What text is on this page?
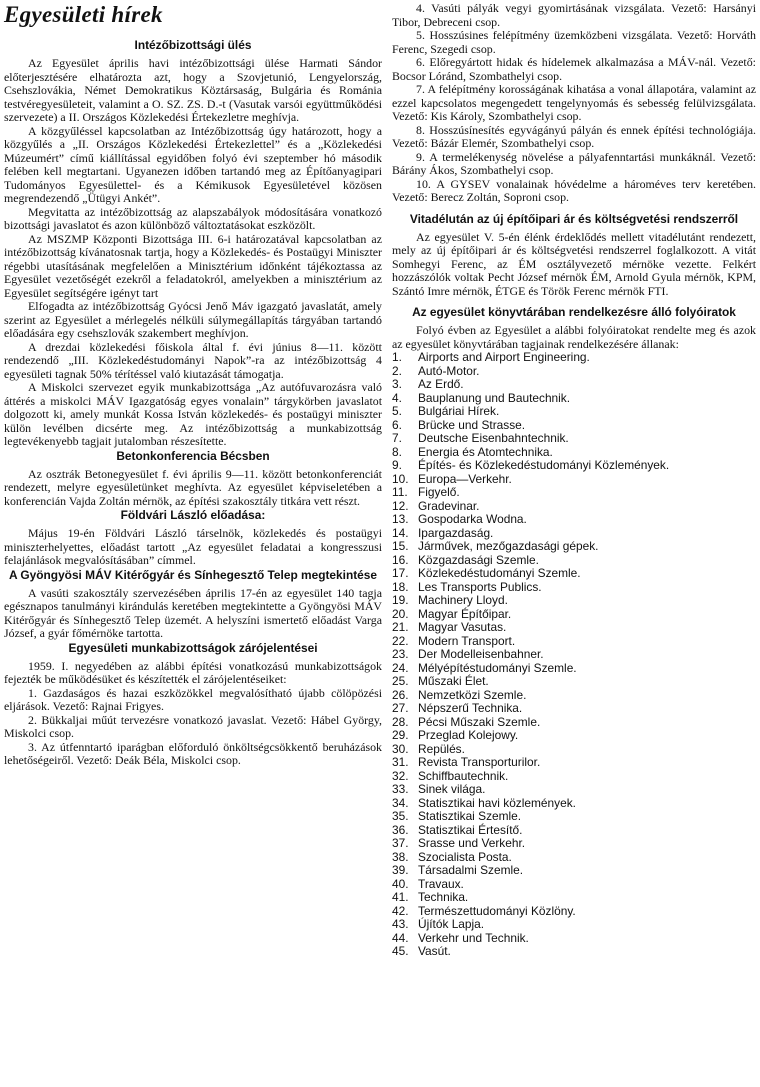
Egyesületi hírek
Intézőbizottsági ülés

Az Egyesület április havi intézőbizottsági ülése Harmati Sándor előterjesztésére elhatározta azt, hogy a Szovjetunió, Lengyelország, Csehszlovákia, Német Demokratikus Köztársaság, Bulgária és Románia testvéregyesületeit, valamint a O. SZ. ZS. D.-t (Vasutak varsói együttműködési szervezete) a II. Országos Közlekedési Értekezletre meghívja.

A közgyűléssel kapcsolatban az Intézőbizottság úgy határozott, hogy a közgyűlés a „II. Országos Közlekedési Értekezlettel” és a „Közlekedési Múzeumért” című kiállítással egyidőben folyó évi szeptember hó második felében kell megtartani. Ugyanezen időben tartandó meg az Építőanyagipari Tudományos Egyesülettel- és a Kémikusok Egyesületével közösen megrendezendő „Ütügyi Ankét”.

Megvitatta az intézőbizottság az alapszabályok módosítására vonatkozó bizottsági javaslatot és azon különböző változtatásokat eszközölt.

Az MSZMP Központi Bizottsága III. 6-i határozatával kapcsolatban az intézőbizottság kívánatosnak tartja, hogy a Közlekedés- és Postaügyi Miniszter régebbi utasításának megfelelően a Minisztérium időnként tájékoztassa az Egyesület vezetőségét ezekről a feladatokról, amelyekben a minisztérium az Egyesület segítségére igényt tart

Elfogadta az intézőbizottság Gyócsi Jenő Máv igazgató javaslatát, amely szerint az Egyesület a mérlegelés nélküli súlymegállapítás tárgyában tartandó előadására egy csehszlovák szakembert meghívjon.

A drezdai közlekedési főiskola által f. évi június 8—11. között rendezendő „III. Közlekedéstudományi Napok”-ra az intézőbizottság 4 egyesületi tagnak 50% térítéssel való kiutazását támogatja.

A Miskolci szervezet egyik munkabizottsága „Az autófuvarozásra való áttérés a miskolci MÁV Igazgatóság egyes vonalain” tárgykörben javaslatot dolgozott ki, amely munkát Kossa István közlekedés- és postaügyi miniszter külön levélben dicsérte meg. Az intézőbizottság a munkabizottság legtevékenyebb tagjait jutalomban részesítette.

Betonkonferencia Bécsben

Az osztrák Betonegyesület f. évi április 9—11. között betonkonferenciát rendezett, melyre egyesületünket meghívta. Az egyesület képviseletében a konferencián Vajda Zoltán mérnök, az építési szakosztály titkára vett részt.

Földvári László előadása:

Május 19-én Földvári László társelnök, közlekedés és postaügyi miniszterhelyettes, előadást tartott „Az egyesület feladatai a kongresszusi felajánlások megvalósításában” címmel.

A Gyöngyösi MÁV Kitérőgyár és Sínhegesztő Telep megtekintése

A vasúti szakosztály szervezésében április 17-én az egyesület 140 tagja egésznapos tanulmányi kirándulás keretében megtekintette a Gyöngyösi MÁV Kitérőgyár és Sínhegesztő Telep üzemét. A helyszíni ismertető előadást Varga József, a gyár főmérnöke tartotta.

Egyesületi munkabizottságok zárójelentései

1959. I. negyedében az alábbi építési vonatkozású munkabizottságok fejezték be működésüket és készítették el zárójelentéseiket:

1. Gazdaságos és hazai eszközökkel megvalósítható újabb cölöpözési eljárások. Vezető: Rajnai Frigyes.

2. Bükkaljai műút tervezésre vonatkozó javaslat. Vezető: Hábel György, Miskolci csop.

3. Az útfenntartó iparágban előforduló önköltségcsökkentő beruházások lehetőségeiről. Vezető: Deák Béla, Miskolci csop.

4. Vasúti pályák vegyi gyomirtásának vizsgálata. Vezető: Harsányi Tibor, Debreceni csop.
5. Hosszúsines felépítmény üzemközbeni vizsgálata. Vezető: Horváth Ferenc, Szegedi csop.
6. Előregyártott hidak és hídelemek alkalmazása a MÁV-nál. Vezető: Bocsor Lóránd, Szombathelyi csop.
7. A felépítmény korosságának kihatása a vonal állapotára, valamint az ezzel kapcsolatos megengedett tengelynyomás és sebesség felülvizsgálata. Vezető: Kis Károly, Szombathelyi csop.
8. Hosszúsínesítés egyvágányú pályán és ennek építési technológiája. Vezető: Bázár Elemér, Szombathelyi csop.
9. A termelékenység növelése a pályafenntartási munkáknál. Vezető: Bárány Ákos, Szombathelyi csop.
10. A GYSEV vonalainak hóvédelme a hároméves terv keretében. Vezető: Berecz Zoltán, Soproni csop.
Vitadélután az új építőipari ár és költségvetési rendszerről

Az egyesület V. 5-én élénk érdeklődés mellett vitadélutánt rendezett, mely az új építőipari ár és költségvetési rendszerrel foglalkozott. A vitát Somhegyi Ferenc, az ÉM osztályvezető mérnöke vezette. Felkért hozzászólók voltak Pecht József mérnök ÉM, Arnold Gyula mérnök, KPM, Szántó Imre mérnök, ÉTGE és Török Ferenc mérnök FTI.

Az egyesület könyvtárában rendelkezésre álló folyóiratok

Folyó évben az Egyesület a alábbi folyóiratokat rendelte meg és azok az egyesület könyvtárában tagjainak rendelkezésére állanak:

1. Airports and Airport Engineering.
2. Autó-Motor.
3. Az Erdő.
4. Bauplanung und Bautechnik.
5. Bulgáriai Hírek.
6. Brücke und Strasse.
7. Deutsche Eisenbahntechnik.
8. Energia és Atomtechnika.
9. Építés- és Közlekedéstudományi Közlemények.
10. Europa—Verkehr.
11. Figyelő.
12. Gradevinar.
13. Gospodarka Wodna.
14. Ipargazdaság.
15. Járművek, mezőgazdasági gépek.
16. Közgazdasági Szemle.
17. Közlekedéstudományi Szemle.
18. Les Transports Publics.
19. Machinery Lloyd.
20. Magyar Építőipar.
21. Magyar Vasutas.
22. Modern Transport.
23. Der Modelleisenbahner.
24. Mélyépítéstudományi Szemle.
25. Műszaki Élet.
26. Nemzetközi Szemle.
27. Népszerű Technika.
28. Pécsi Műszaki Szemle.
29. Przeglad Kolejowy.
30. Repülés.
31. Revista Transporturilor.
32. Schiffbautechnik.
33. Sinek világa.
34. Statisztikai havi közlemények.
35. Statisztikai Szemle.
36. Statisztikai Értesítő.
37. Srasse und Verkehr.
38. Szocialista Posta.
39. Társadalmi Szemle.
40. Travaux.
41. Technika.
42. Természettudományi Közlöny.
43. Újítók Lapja.
44. Verkehr und Technik.
45. Vasút.
